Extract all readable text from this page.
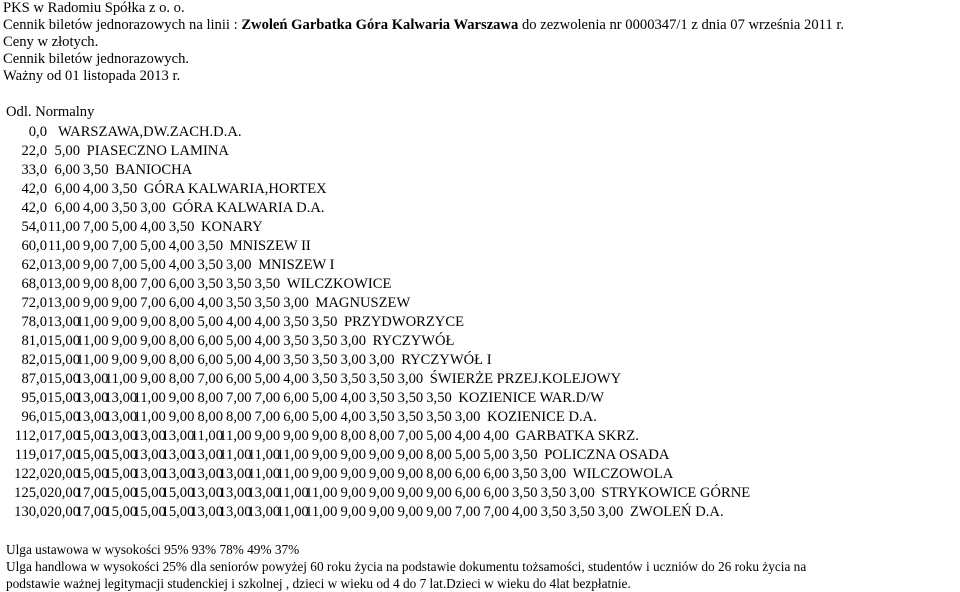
PKS w Radomiu Spółka z o. o.
Cennik biletów jednorazowych na linii : Zwoleń Garbatka Góra Kalwaria Warszawa do zezwolenia nr 0000347/1 z dnia 07 września 2011 r.
Ceny w złotych.
Cennik biletów jednorazowych.
Ważny od 01 listopada 2013 r.
Odl. Normalny
0,0 WARSZAWA,DW.ZACH.D.A.
22,0 5,00 PIASECZNO LAMINA
33,0 6,00 3,50 BANIOCHA
42,0 6,00 4,00 3,50 GÓRA KALWARIA,HORTEX
42,0 6,00 4,00 3,50 3,00 GÓRA KALWARIA D.A.
54,0 11,00 7,00 5,00 4,00 3,50 KONARY
60,0 11,00 9,00 7,00 5,00 4,00 3,50 MNISZEW II
62,0 13,00 9,00 7,00 5,00 4,00 3,50 3,00 MNISZEW I
68,0 13,00 9,00 8,00 7,00 6,00 3,50 3,50 3,50 WILCZKOWICE
72,0 13,00 9,00 9,00 7,00 6,00 4,00 3,50 3,50 3,00 MAGNUSZEW
78,0 13,00
11,00 9,00 9,00 8,00 5,00 4,00 4,00 3,50 3,50 PRZYDWORZYCE
81,0 15,00
11,00 9,00 9,00 8,00 6,00 5,00 4,00 3,50 3,50 3,00 RYCZYWÓŁ
82,0 15,00
11,00 9,00 9,00 8,00 6,00 5,00 4,00 3,50 3,50 3,00 3,00 RYCZYWÓŁ I
87,0 15,00
13,00
11,00 9,00 8,00 7,00 6,00 5,00 4,00 3,50 3,50 3,50 3,00 ŚWIERŻE PRZEJ.KOLEJOWY
95,0 15,00
13,00
13,00
11,00 9,00 8,00 7,00 7,00 6,00 5,00 4,00 3,50 3,50 3,50 KOZIENICE WAR.D/W
96,0 15,00
13,00
13,00
11,00 9,00 8,00 8,00 7,00 6,00 5,00 4,00 3,50 3,50 3,50 3,00 KOZIENICE D.A.
112,0 17,00
15,00
13,00
13,00
13,00
11,00
11,00 9,00 9,00 9,00 8,00 8,00 7,00 5,00 4,00 4,00 GARBATKA SKRZ.
119,0 17,00
15,00
15,00
13,00
13,00
13,00
11,00
11,00
11,00 9,00 9,00 9,00 9,00 8,00 5,00 5,00 3,50 POLICZNA OSADA
122,0 20,00
15,00
15,00
13,00
13,00
13,00
13,00
11,00
11,00 9,00 9,00 9,00 9,00 8,00 6,00 6,00 3,50 3,00 WILCZOWOLA
125,0 20,00
17,00
15,00
15,00
15,00
13,00
13,00
13,00
11,00
11,00 9,00 9,00 9,00 9,00 6,00 6,00 3,50 3,50 3,00 STRYKOWICE GÓRNE
130,0 20,00
17,00
15,00
15,00
15,00
13,00
13,00
13,00
11,00
11,00 9,00 9,00 9,00 9,00 7,00 7,00 4,00 3,50 3,50 3,00 ZWOLEŃ D.A.
Ulga ustawowa w wysokości 95% 93% 78% 49% 37%
Ulga handlowa w wysokości 25% dla seniorów powyżej 60 roku życia na podstawie dokumentu tożsamości, studentów i uczniów do 26 roku życia na
podstawie ważnej legitymacji studenckiej i szkolnej , dzieci w wieku od 4 do 7 lat.Dzieci w wieku do 4lat bezpłatnie.
